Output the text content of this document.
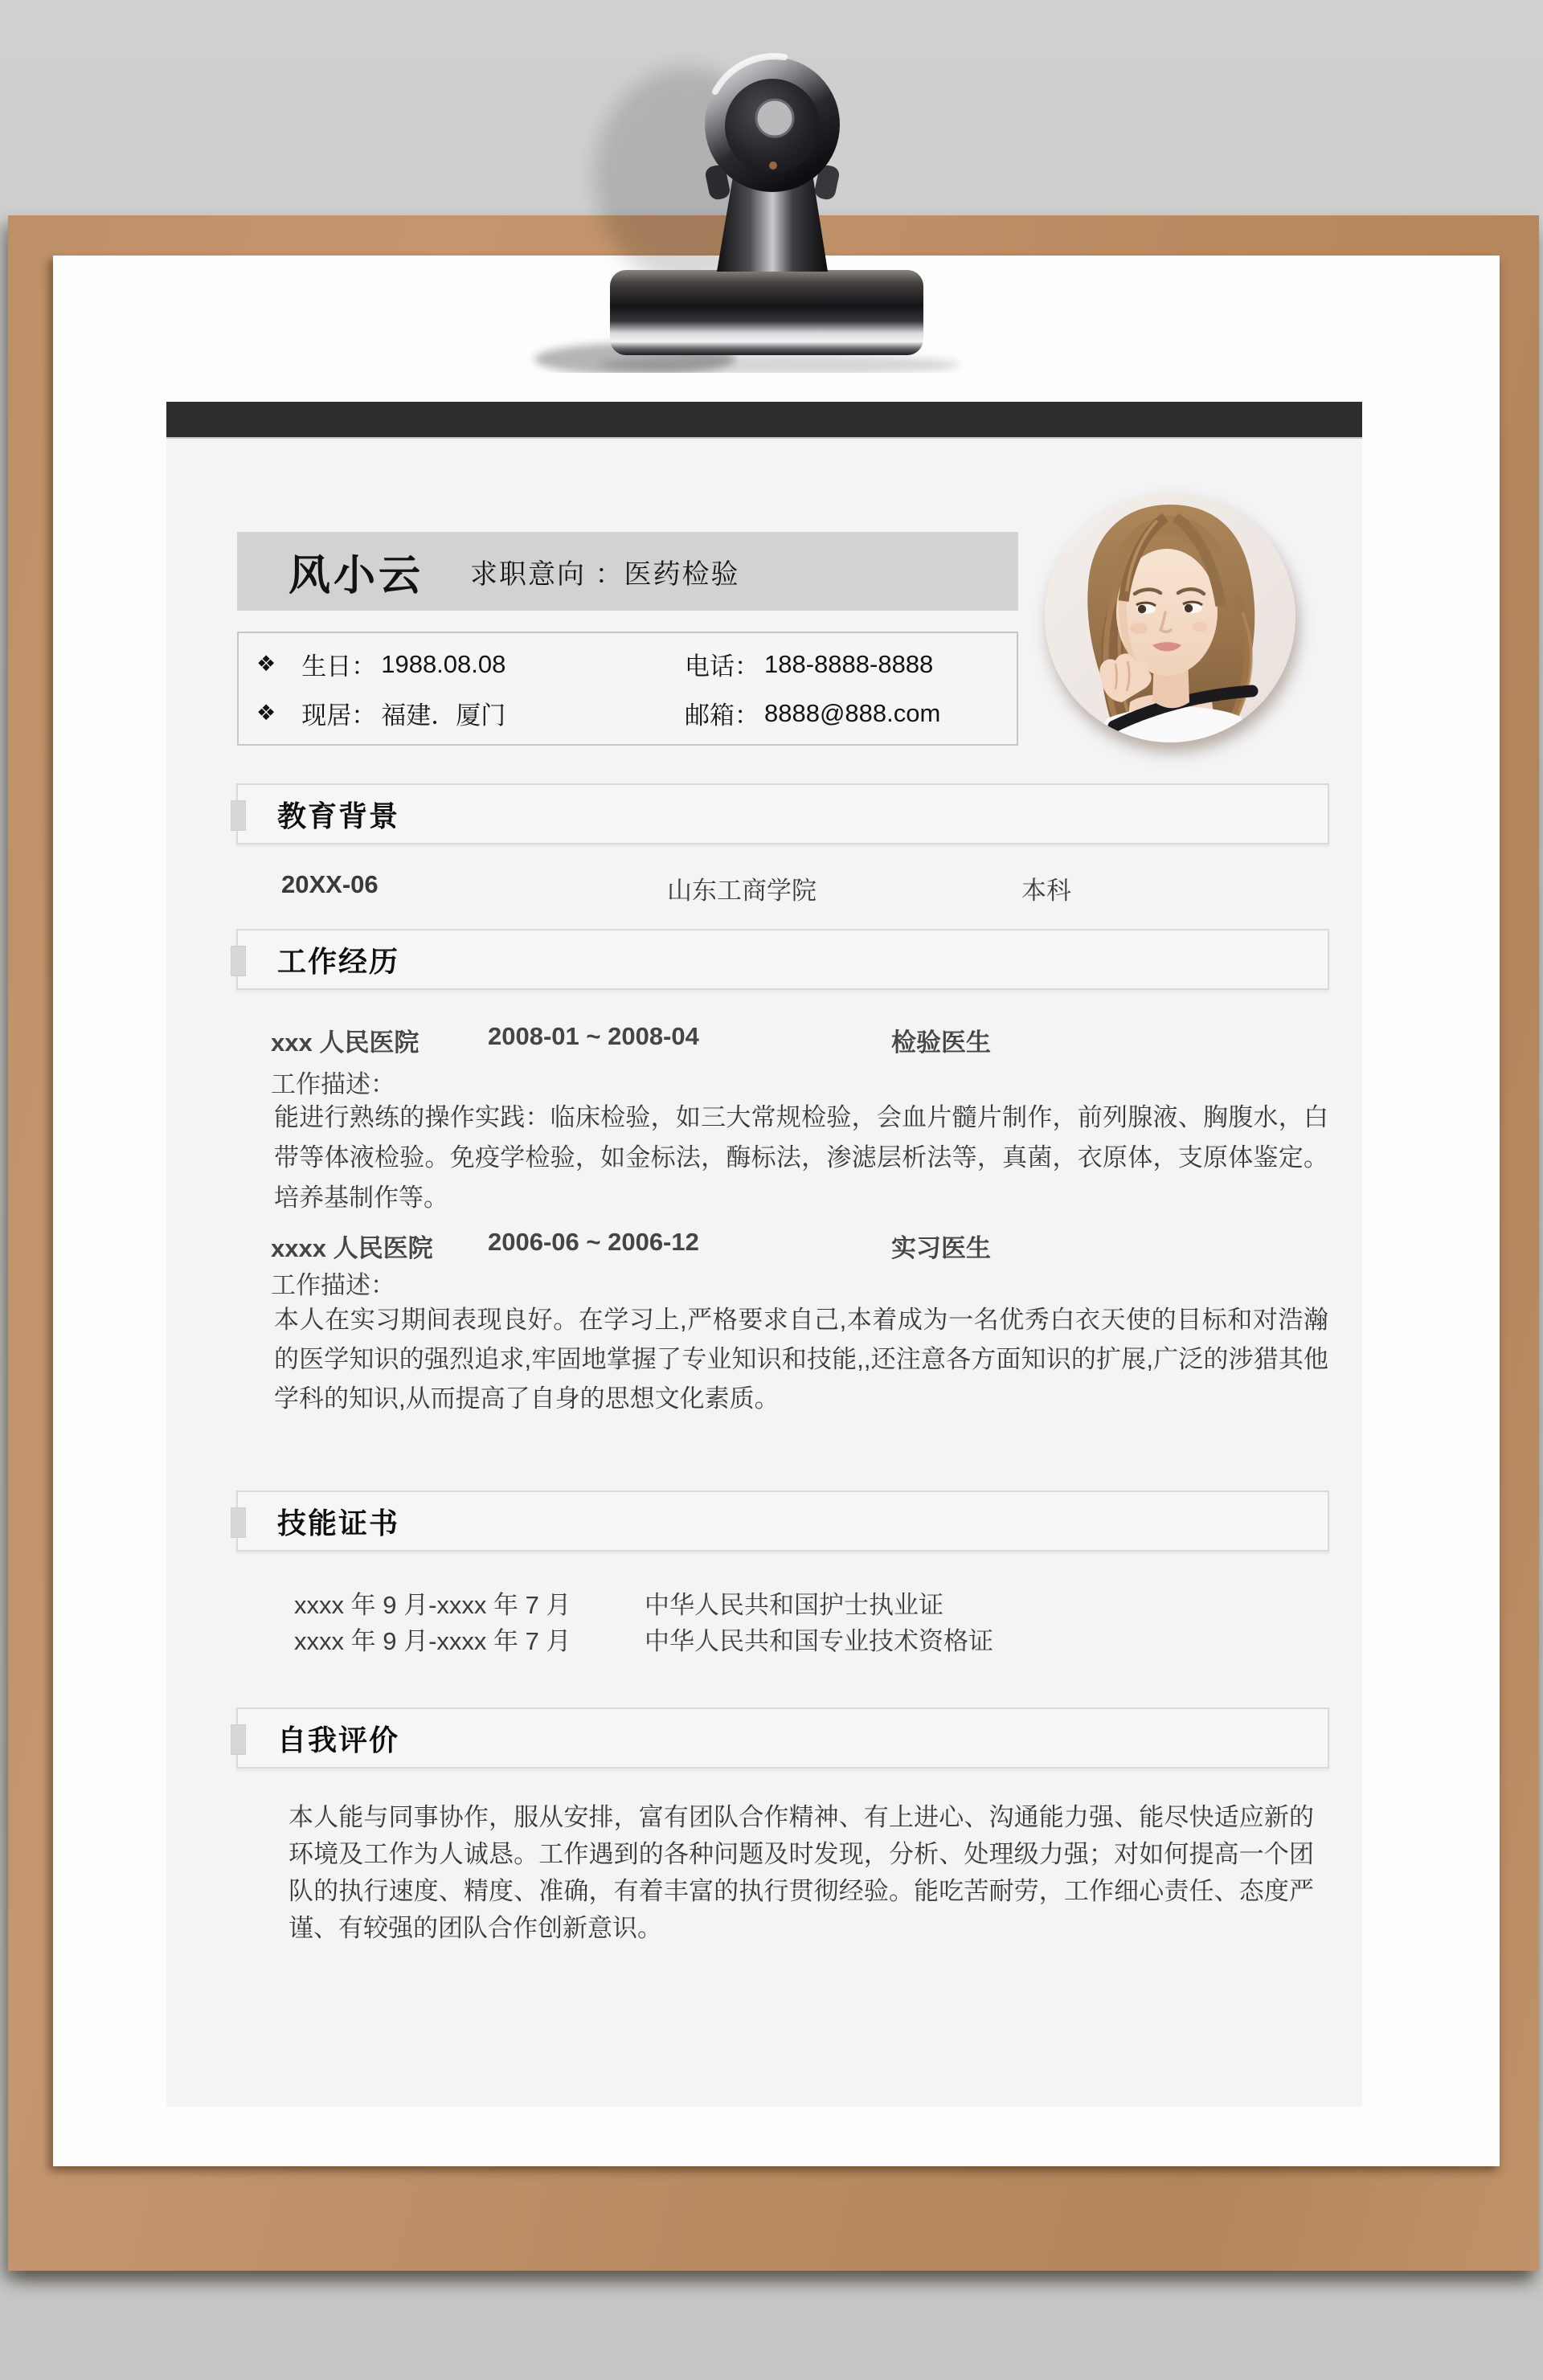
风小云 求职意向 ： 医药检验
❖ 生日： 1988.08.08	电话： 188-8888-8888
❖ 现居： 福建．厦门	邮箱： 8888@888.com
教育背景
20XX-06	山东工商学院	本科
工作经历
xxx 人民医院	2008-01 ~ 2008-04	检验医生
工作描述：
能进行熟练的操作实践：临床检验，如三大常规检验，会血片髓片制作，前列腺液、胸腹水，白带等体液检验。免疫学检验，如金标法，酶标法，渗滤层析法等，真菌，衣原体，支原体鉴定。培养基制作等。
xxxx 人民医院 2006-06 ~ 2006-12	实习医生
工作描述：
本人在实习期间表现良好。在学习上,严格要求自己,本着成为一名优秀白衣天使的目标和对浩瀚的医学知识的强烈追求,牢固地掌握了专业知识和技能,,还注意各方面知识的扩展,广泛的涉猎其他学科的知识,从而提高了自身的思想文化素质。
技能证书
xxxx 年 9 月-xxxx 年 7 月	中华人民共和国护士执业证
xxxx 年 9 月-xxxx 年 7 月	中华人民共和国专业技术资格证
自我评价
本人能与同事协作，服从安排，富有团队合作精神、有上进心、沟通能力强、能尽快适应新的环境及工作为人诚恳。工作遇到的各种问题及时发现，分析、处理级力强；对如何提高一个团队的执行速度、精度、准确，有着丰富的执行贯彻经验。能吃苦耐劳，工作细心责任、态度严谨、有较强的团队合作创新意识。
